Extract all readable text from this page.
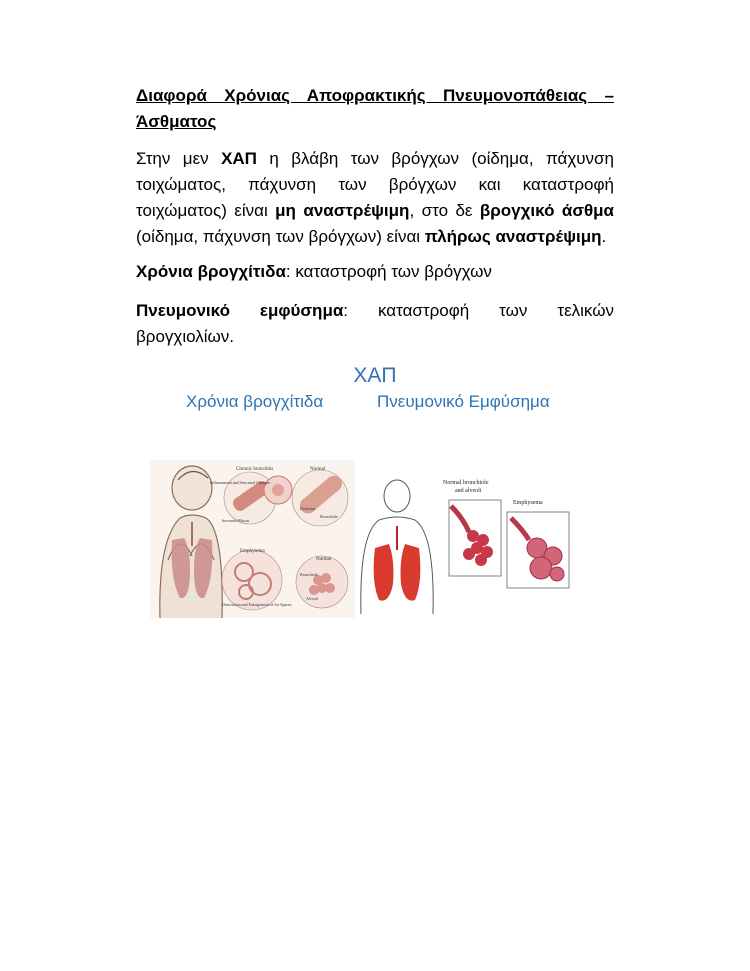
Διαφορά Χρόνιας Αποφρακτικής Πνευμονοπάθειας – Άσθματος
Στην μεν ΧΑΠ η βλάβη των βρόγχων (οίδημα, πάχυνση τοιχώματος, πάχυνση των βρόγχων και καταστροφή τοιχώματος) είναι μη αναστρέψιμη, στο δε βρογχικό άσθμα (οίδημα, πάχυνση των βρόγχων) είναι πλήρως αναστρέψιμη.
Χρόνια βρογχίτιδα: καταστροφή των βρόγχων
Πνευμονικό εμφύσημα: καταστροφή των τελικών βρογχιολίων.
ΧΑΠ
Χρόνια βρογχίτιδα	Πνευμονικό Εμφύσημα
Chronic bronchitis
Inflammation and Structural Changes
Increased Mucus
Normal
Bronchus
Bronchiole
Emphysema
Destruction and Enlargement of Air Spaces
Normal
Bronchiole
Alveoli
Normal bronchiole
and alveoli
Emphysema
